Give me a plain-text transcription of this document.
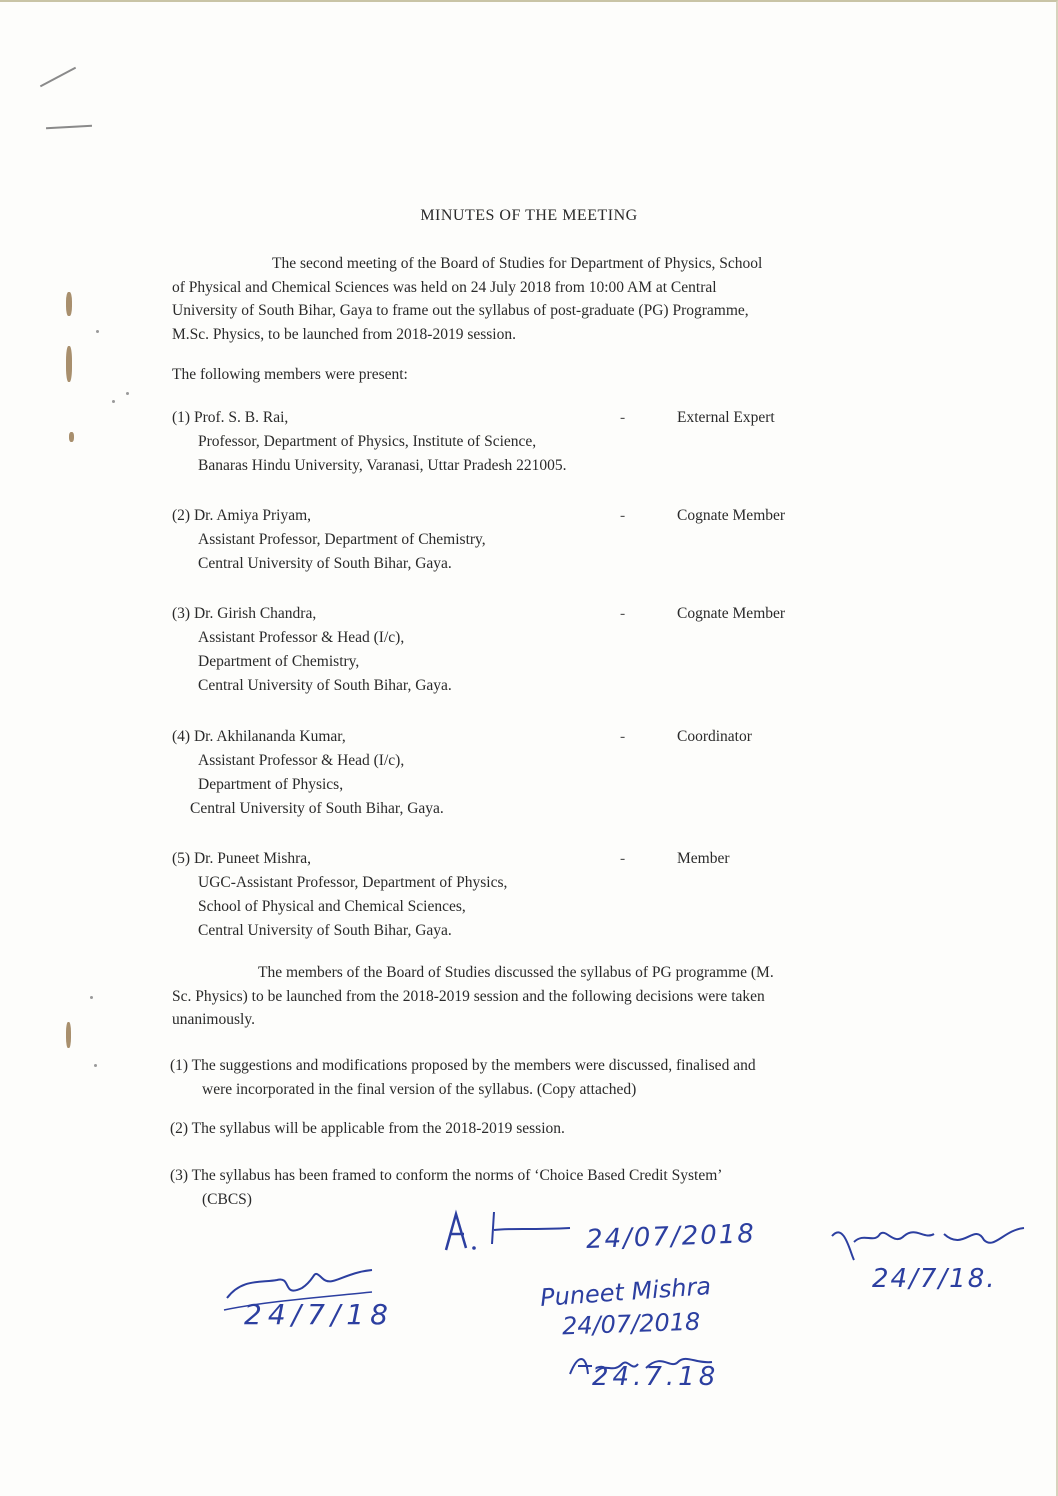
MINUTES OF THE MEETING
The second meeting of the Board of Studies for Department of Physics, School
of Physical and Chemical Sciences was held on 24 July 2018 from 10:00 AM at Central
University of South Bihar, Gaya to frame out the syllabus of post-graduate (PG) Programme,
M.Sc. Physics, to be launched from 2018-2019 session.
The following members were present:
(1) Prof. S. B. Rai,
Professor, Department of Physics, Institute of Science,
Banaras Hindu University, Varanasi, Uttar Pradesh 221005.
-	External Expert
(2) Dr. Amiya Priyam,
Assistant Professor, Department of Chemistry,
Central University of South Bihar, Gaya.
-	Cognate Member
(3) Dr. Girish Chandra,
Assistant Professor & Head (I/c),
Department of Chemistry,
Central University of South Bihar, Gaya.
-	Cognate Member
(4) Dr. Akhilananda Kumar,
Assistant Professor & Head (I/c),
Department of Physics,
Central University of South Bihar, Gaya.
-	Coordinator
(5) Dr. Puneet Mishra,
UGC-Assistant Professor, Department of Physics,
School of Physical and Chemical Sciences,
Central University of South Bihar, Gaya.
-	Member
The members of the Board of Studies discussed the syllabus of PG programme (M.
Sc. Physics) to be launched from the 2018-2019 session and the following decisions were taken
unanimously.
(1) The suggestions and modifications proposed by the members were discussed, finalised and
were incorporated in the final version of the syllabus. (Copy attached)
(2) The syllabus will be applicable from the 2018-2019 session.
(3) The syllabus has been framed to conform the norms of ‘Choice Based Credit System’
(CBCS)
24/7/18
24/07/2018
24/7/18.
Puneet Mishra
24/07/2018
24.7.18
